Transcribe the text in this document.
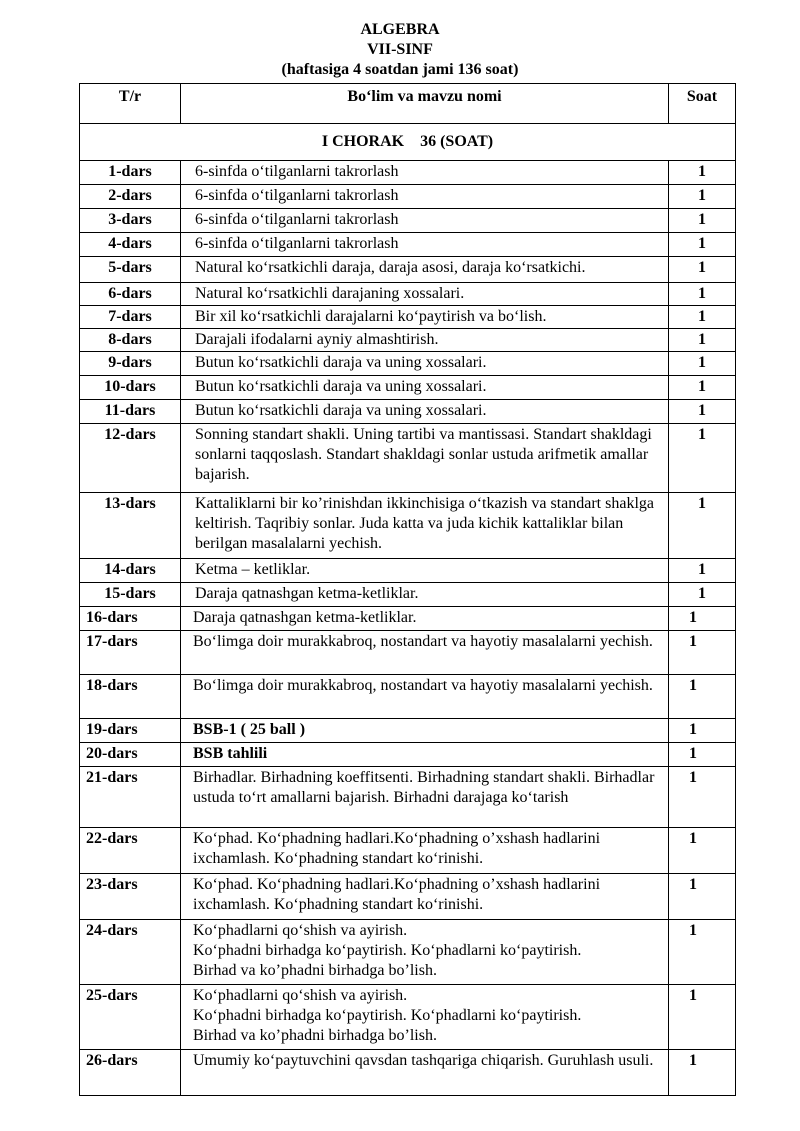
ALGEBRA
VII-SINF
(haftasiga 4 soatdan jami 136 soat)
T/r	Bo‘lim va mavzu nomi	Soat
I CHORAK    36 (SOAT)		
1-dars	6-sinfda o‘tilganlarni takrorlash	1
2-dars	6-sinfda o‘tilganlarni takrorlash	1
3-dars	6-sinfda o‘tilganlarni takrorlash	1
4-dars	6-sinfda o‘tilganlarni takrorlash	1
5-dars	Natural ko‘rsatkichli daraja, daraja asosi, daraja ko‘rsatkichi.	1
6-dars	Natural ko‘rsatkichli darajaning xossalari.	1
7-dars	Bir xil ko‘rsatkichli darajalarni ko‘paytirish va bo‘lish.	1
8-dars	Darajali ifodalarni ayniy almashtirish.	1
9-dars	Butun ko‘rsatkichli daraja va uning xossalari.	1
10-dars	Butun ko‘rsatkichli daraja va uning xossalari.	1
11-dars	Butun ko‘rsatkichli daraja va uning xossalari.	1
12-dars	Sonning standart shakli. Uning tartibi va mantissasi. Standart shakldagi sonlarni taqqoslash. Standart shakldagi sonlar ustuda arifmetik amallar bajarish.	1
13-dars	Kattaliklarni bir ko’rinishdan ikkinchisiga o‘tkazish va standart shaklga keltirish. Taqribiy sonlar. Juda katta va juda kichik kattaliklar bilan berilgan masalalarni yechish.	1
14-dars	Ketma – ketliklar.	1
15-dars	Daraja qatnashgan ketma-ketliklar.	1
16-dars	Daraja qatnashgan ketma-ketliklar.	1
17-dars	Bo‘limga doir murakkabroq, nostandart va hayotiy masalalarni yechish.	1
18-dars	Bo‘limga doir murakkabroq, nostandart va hayotiy masalalarni yechish.	1
19-dars	BSB-1 ( 25 ball )	1
20-dars	BSB tahlili	1
21-dars	Birhadlar. Birhadning koeffitsenti. Birhadning standart shakli. Birhadlar ustuda to‘rt amallarni bajarish. Birhadni darajaga ko‘tarish	1
22-dars	Ko‘phad. Ko‘phadning hadlari.Ko‘phadning o’xshash hadlarini ixchamlash. Ko‘phadning standart ko‘rinishi.	1
23-dars	Ko‘phad. Ko‘phadning hadlari.Ko‘phadning o’xshash hadlarini ixchamlash. Ko‘phadning standart ko‘rinishi.	1
24-dars	Ko‘phadlarni qo‘shish va ayirish.
Ko‘phadni birhadga ko‘paytirish. Ko‘phadlarni ko‘paytirish.
Birhad va ko’phadni birhadga bo’lish.	1
25-dars	Ko‘phadlarni qo‘shish va ayirish.
Ko‘phadni birhadga ko‘paytirish. Ko‘phadlarni ko‘paytirish.
Birhad va ko’phadni birhadga bo’lish.	1
26-dars	Umumiy ko‘paytuvchini qavsdan tashqariga chiqarish. Guruhlash usuli.	1
